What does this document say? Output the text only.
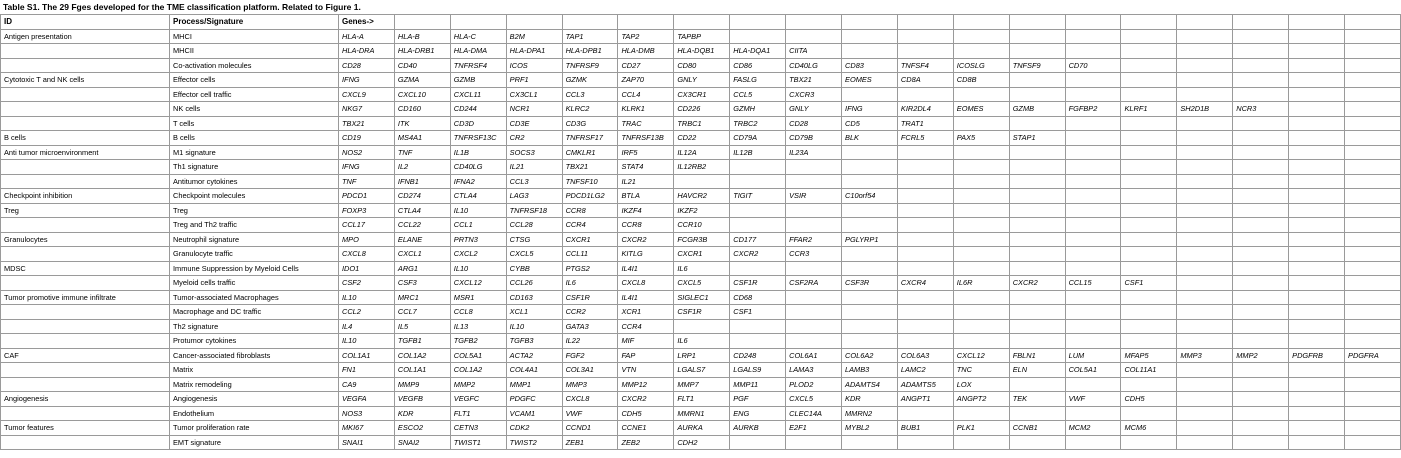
Table S1. The 29 Fges developed for the TME classification platform. Related to Figure 1.
ID	Process/Signature	Genes->																		
Antigen presentation	MHCI	HLA-A	HLA-B	HLA-C	B2M	TAP1	TAP2	TAPBP												
	MHCII	HLA-DRA	HLA-DRB1	HLA-DMA	HLA-DPA1	HLA-DPB1	HLA-DMB	HLA-DQB1	HLA-DQA1	CIITA										
	Co-activation molecules	CD28	CD40	TNFRSF4	ICOS	TNFRSF9	CD27	CD80	CD86	CD40LG	CD83	TNFSF4	ICOSLG	TNFSF9	CD70					
Cytotoxic T and NK cells	Effector cells	IFNG	GZMA	GZMB	PRF1	GZMK	ZAP70	GNLY	FASLG	TBX21	EOMES	CD8A	CD8B							
	Effector cell traffic	CXCL9	CXCL10	CXCL11	CX3CL1	CCL3	CCL4	CX3CR1	CCL5	CXCR3										
	NK cells	NKG7	CD160	CD244	NCR1	KLRC2	KLRK1	CD226	GZMH	GNLY	IFNG	KIR2DL4	EOMES	GZMB	FGFBP2	KLRF1	SH2D1B	NCR3		
	T cells	TBX21	ITK	CD3D	CD3E	CD3G	TRAC	TRBC1	TRBC2	CD28	CD5	TRAT1								
B cells	B cells	CD19	MS4A1	TNFRSF13C	CR2	TNFRSF17	TNFRSF13B	CD22	CD79A	CD79B	BLK	FCRL5	PAX5	STAP1						
Anti tumor microenvironment	M1 signature	NOS2	TNF	IL1B	SOCS3	CMKLR1	IRF5	IL12A	IL12B	IL23A										
	Th1 signature	IFNG	IL2	CD40LG	IL21	TBX21	STAT4	IL12RB2												
	Antitumor cytokines	TNF	IFNB1	IFNA2	CCL3	TNFSF10	IL21													
Checkpoint inhibition	Checkpoint molecules	PDCD1	CD274	CTLA4	LAG3	PDCD1LG2	BTLA	HAVCR2	TIGIT	VSIR	C10orf54									
Treg	Treg	FOXP3	CTLA4	IL10	TNFRSF18	CCR8	IKZF4	IKZF2												
	Treg and Th2 traffic	CCL17	CCL22	CCL1	CCL28	CCR4	CCR8	CCR10												
Granulocytes	Neutrophil signature	MPO	ELANE	PRTN3	CTSG	CXCR1	CXCR2	FCGR3B	CD177	FFAR2	PGLYRP1									
	Granulocyte traffic	CXCL8	CXCL1	CXCL2	CXCL5	CCL11	KITLG	CXCR1	CXCR2	CCR3										
MDSC	Immune Suppression by Myeloid Cells	IDO1	ARG1	IL10	CYBB	PTGS2	IL4I1	IL6												
	Myeloid cells traffic	CSF2	CSF3	CXCL12	CCL26	IL6	CXCL8	CXCL5	CSF1R	CSF2RA	CSF3R	CXCR4	IL6R	CXCR2	CCL15	CSF1				
Tumor promotive immune infiltrate	Tumor-associated Macrophages	IL10	MRC1	MSR1	CD163	CSF1R	IL4I1	SIGLEC1	CD68											
	Macrophage and DC traffic	CCL2	CCL7	CCL8	XCL1	CCR2	XCR1	CSF1R	CSF1											
	Th2 signature	IL4	IL5	IL13	IL10	GATA3	CCR4													
	Protumor cytokines	IL10	TGFB1	TGFB2	TGFB3	IL22	MIF	IL6												
CAF	Cancer-associated fibroblasts	COL1A1	COL1A2	COL5A1	ACTA2	FGF2	FAP	LRP1	CD248	COL6A1	COL6A2	COL6A3	CXCL12	FBLN1	LUM	MFAP5	MMP3	MMP2	PDGFRB	PDGFRA
	Matrix	FN1	COL1A1	COL1A2	COL4A1	COL3A1	VTN	LGALS7	LGALS9	LAMA3	LAMB3	LAMC2	TNC	ELN	COL5A1	COL11A1				
	Matrix remodeling	CA9	MMP9	MMP2	MMP1	MMP3	MMP12	MMP7	MMP11	PLOD2	ADAMTS4	ADAMTS5	LOX							
Angiogenesis	Angiogenesis	VEGFA	VEGFB	VEGFC	PDGFC	CXCL8	CXCR2	FLT1	PGF	CXCL5	KDR	ANGPT1	ANGPT2	TEK	VWF	CDH5				
	Endothelium	NOS3	KDR	FLT1	VCAM1	VWF	CDH5	MMRN1	ENG	CLEC14A	MMRN2									
Tumor features	Tumor proliferation rate	MKI67	ESCO2	CETN3	CDK2	CCND1	CCNE1	AURKA	AURKB	E2F1	MYBL2	BUB1	PLK1	CCNB1	MCM2	MCM6				
	EMT signature	SNAI1	SNAI2	TWIST1	TWIST2	ZEB1	ZEB2	CDH2												
